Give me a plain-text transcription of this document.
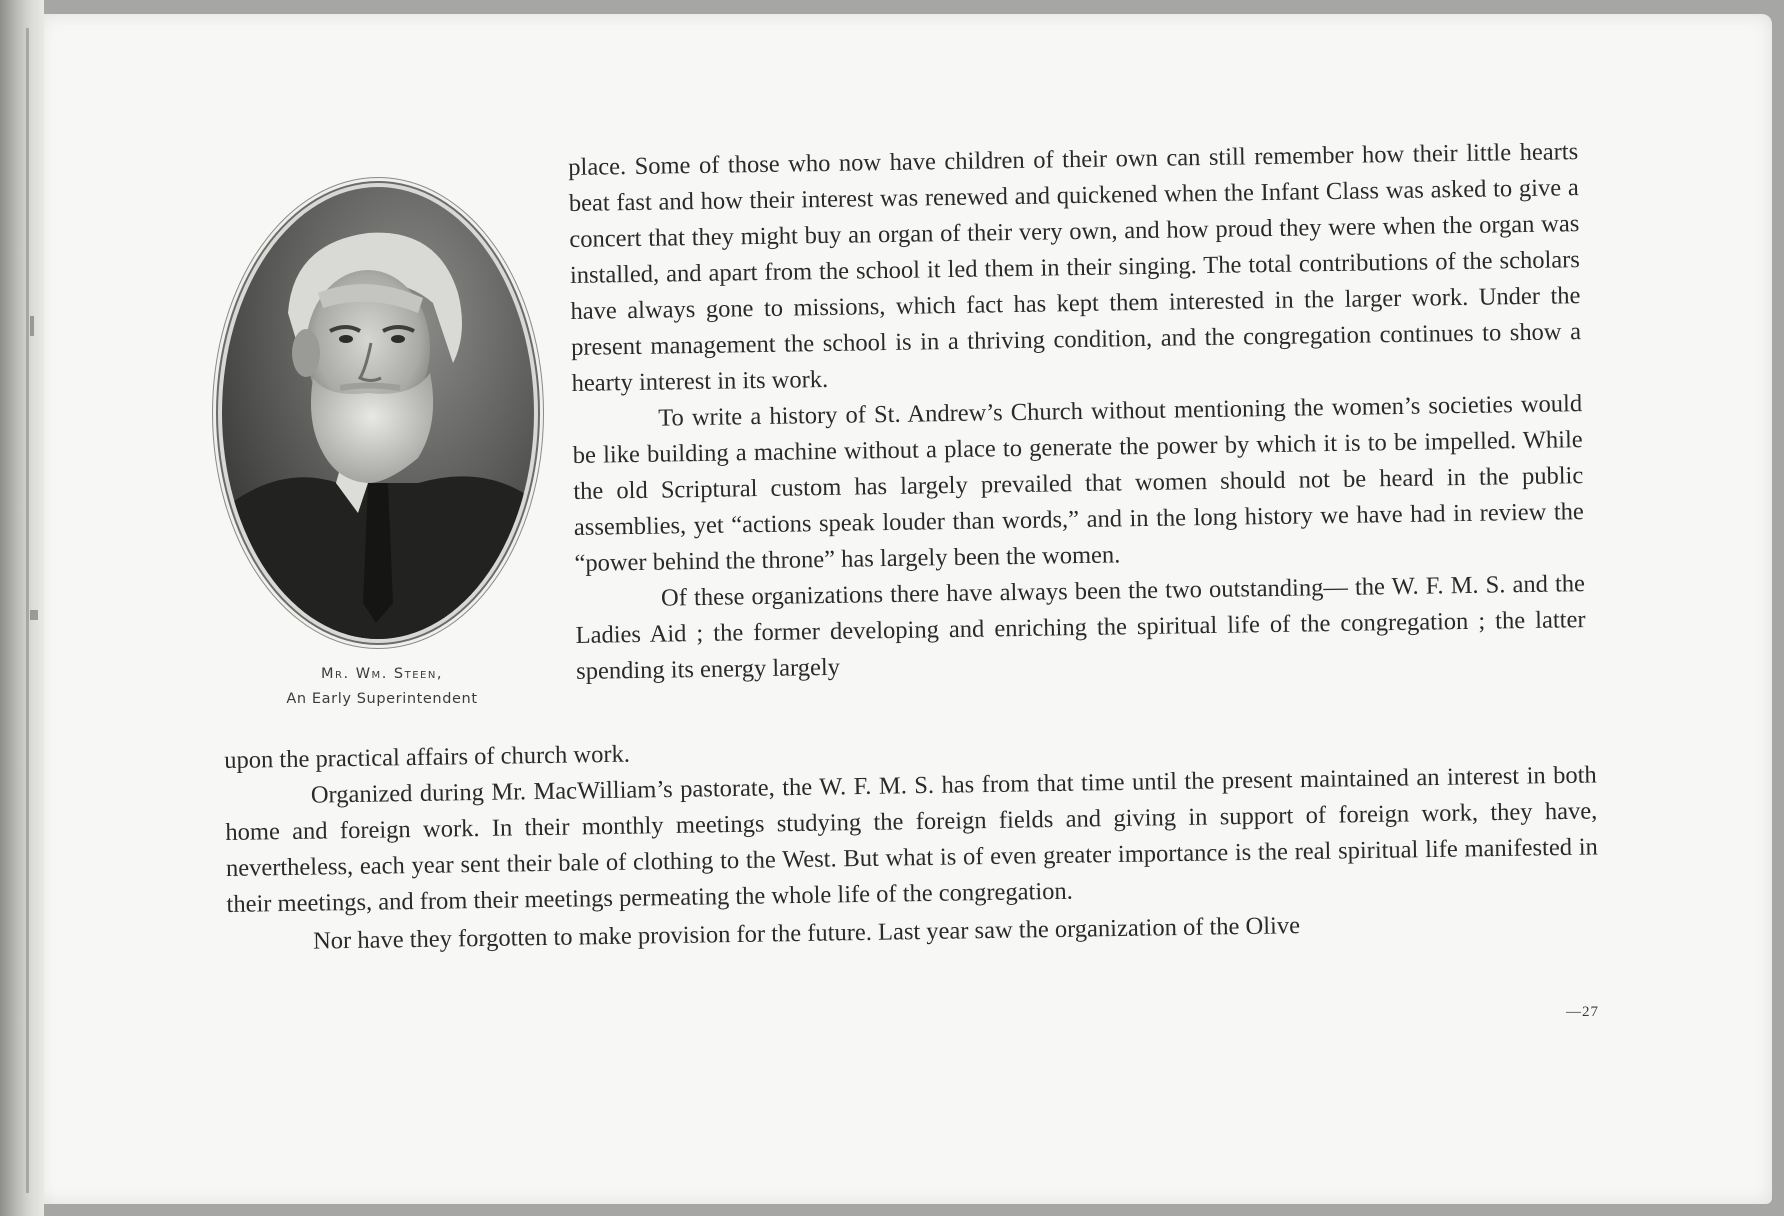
Mr. Wm. Steen,
An Early Superintendent

place. Some of those who now have children of their own can still remember how their little hearts beat fast and how their interest was renewed and quickened when the Infant Class was asked to give a concert that they might buy an organ of their very own, and how proud they were when the organ was installed, and apart from the school it led them in their singing. The total contributions of the scholars have always gone to missions, which fact has kept them interested in the larger work. Under the present management the school is in a thriving condition, and the congregation continues to show a hearty interest in its work.

To write a history of St. Andrew’s Church without mentioning the women’s societies would be like building a machine without a place to generate the power by which it is to be impelled. While the old Scriptural custom has largely prevailed that women should not be heard in the public assemblies, yet “actions speak louder than words,” and in the long history we have had in review the “power behind the throne” has largely been the women.

Of these organizations there have always been the two outstanding— the W. F. M. S. and the Ladies Aid ; the former developing and enriching the spiritual life of the congregation ; the latter spending its energy largely

upon the practical affairs of church work.

Organized during Mr. MacWilliam’s pastorate, the W. F. M. S. has from that time until the present maintained an interest in both home and foreign work. In their monthly meetings studying the foreign fields and giving in support of foreign work, they have, nevertheless, each year sent their bale of clothing to the West. But what is of even greater importance is the real spiritual life manifested in their meetings, and from their meetings permeating the whole life of the congregation.

Nor have they forgotten to make provision for the future. Last year saw the organization of the Olive

—27
